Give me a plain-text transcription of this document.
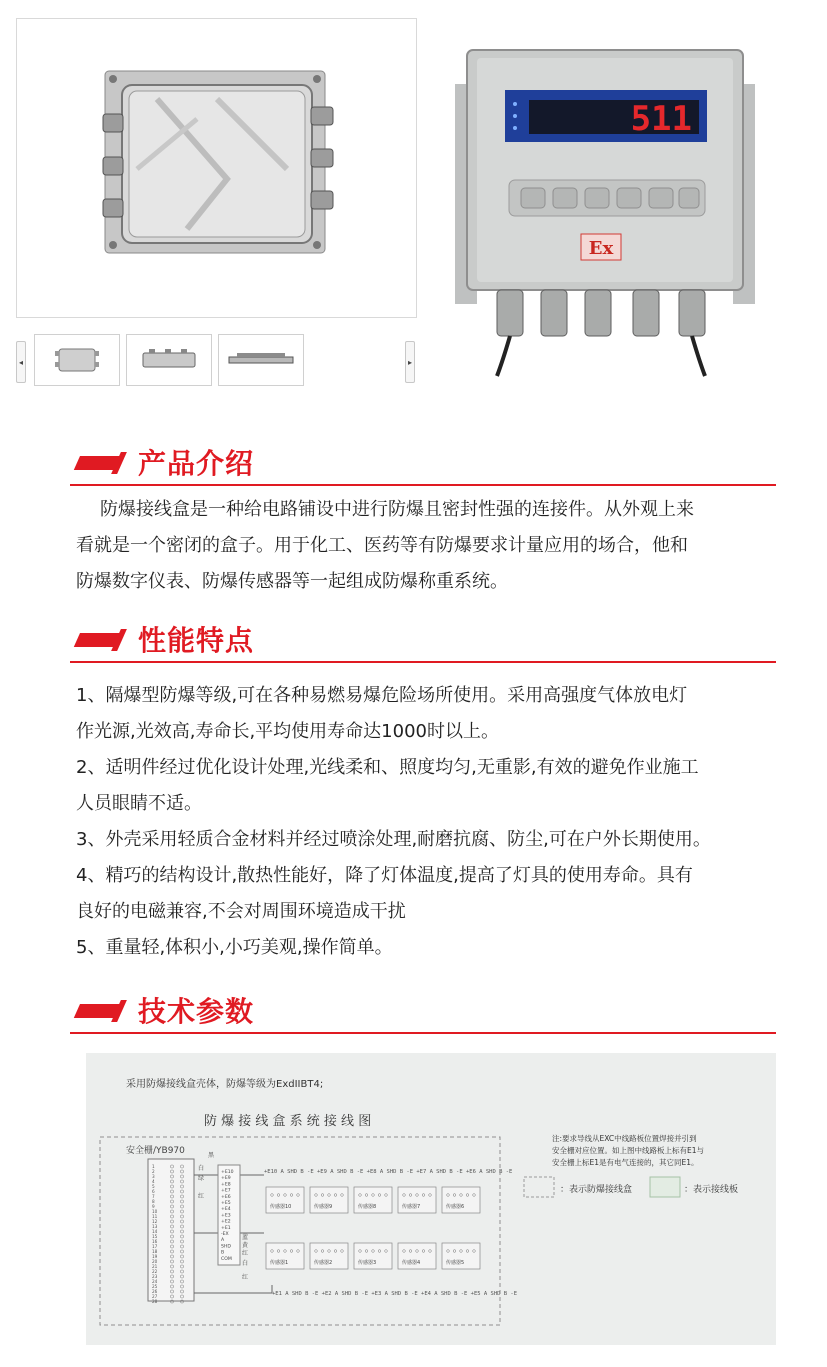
◂	▸
511
Ex
产品介绍
防爆接线盒是一种给电路铺设中进行防爆且密封性强的连接件。从外观上来
看就是一个密闭的盒子。用于化工、医药等有防爆要求计量应用的场合，他和
防爆数字仪表、防爆传感器等一起组成防爆称重系统。
性能特点
1、隔爆型防爆等级,可在各种易燃易爆危险场所使用。采用高强度气体放电灯
作光源,光效高,寿命长,平均使用寿命达1000时以上。
2、适明件经过优化设计处理,光线柔和、照度均匀,无重影,有效的避免作业施工
人员眼睛不适。
3、外壳采用轻质合金材料并经过喷涂处理,耐磨抗腐、防尘,可在户外长期使用。
4、精巧的结构设计,散热性能好，降了灯体温度,提高了灯具的使用寿命。具有
良好的电磁兼容,不会对周围环境造成干扰
5、重量轻,体积小,小巧美观,操作简单。
技术参数
采用防爆接线盒壳体，防爆等级为ExdIIBT4;
防 爆 接 线 盒 系 统 接 线 图
安全栅/YB970
1
2
3
4
5
6
7
8
9
10
11
12
13
14
15
16
17
18
19
20
21
22
23
24
25
26
27
28
+E10
+E9
+E8
+E7
+E6
+E5
+E4
+E3
+E2
+E1
-EX
A
SHD
B
COM
黑
白
绿
红
蓝
黄
红
白
红
+E10 A SHD B -E +E9 A SHD B -E +E8 A SHD B -E +E7 A SHD B -E +E6 A SHD B -E
+E1 A SHD B -E +E2 A SHD B -E +E3 A SHD B -E +E4 A SHD B -E +E5 A SHD B -E
传感器10	传感器9	传感器8	传感器7	传感器6
传感器1	传感器2	传感器3	传感器4	传感器5
注:要求导线从EXC中线路板位置焊接并引到
安全栅对应位置。如上图中线路板上标有E1与
安全栅上标E1是有电气连接的，其它同E1。
：表示防爆接线盒	：表示接线板
